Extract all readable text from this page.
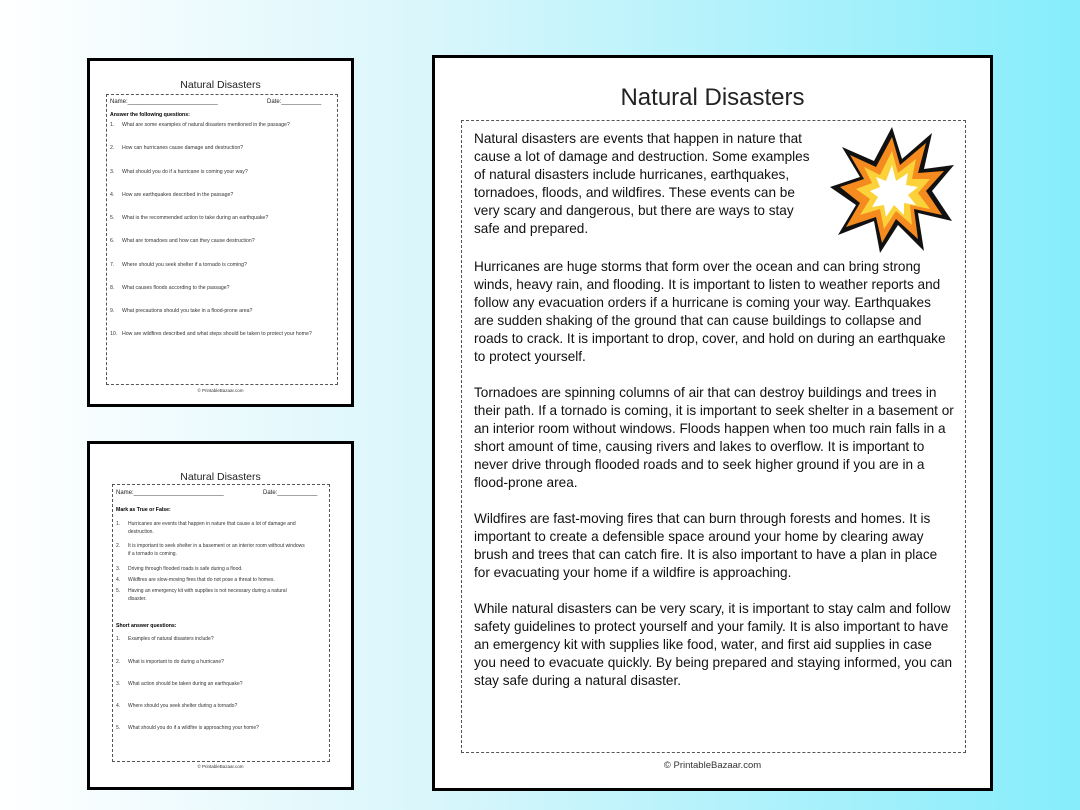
Natural Disasters
Name:___________________________	Date:____________
Answer the following questions:
1.	What are some examples of natural disasters mentioned in the passage?
2.	How can hurricanes cause damage and destruction?
3.	What should you do if a hurricane is coming your way?
4.	How are earthquakes described in the passage?
5.	What is the recommended action to take during an earthquake?
6.	What are tornadoes and how can they cause destruction?
7.	Where should you seek shelter if a tornado is coming?
8.	What causes floods according to the passage?
9.	What precautions should you take in a flood-prone area?
10. How are wildfires described and what steps should be taken to protect your home?
© PrintableBazaar.com
Natural Disasters
Name:___________________________	Date:____________
Mark as True or False:
1.	Hurricanes are events that happen in nature that cause a lot of damage and destruction.
2.	It is important to seek shelter in a basement or an interior room without windows if a tornado is coming.
3.	Driving through flooded roads is safe during a flood.
4.	Wildfires are slow-moving fires that do not pose a threat to homes.
5.	Having an emergency kit with supplies is not necessary during a natural disaster.
Short answer questions:
1.	Examples of natural disasters include?
2.	What is important to do during a hurricane?
3.	What action should be taken during an earthquake?
4.	Where should you seek shelter during a tornado?
5.	What should you do if a wildfire is approaching your home?
© PrintableBazaar.com
Natural Disasters

Natural disasters are events that happen in nature that cause a lot of damage and destruction. Some examples of natural disasters include hurricanes, earthquakes, tornadoes, floods, and wildfires. These events can be very scary and dangerous, but there are ways to stay safe and prepared.

Hurricanes are huge storms that form over the ocean and can bring strong winds, heavy rain, and flooding. It is important to listen to weather reports and follow any evacuation orders if a hurricane is coming your way. Earthquakes are sudden shaking of the ground that can cause buildings to collapse and roads to crack. It is important to drop, cover, and hold on during an earthquake to protect yourself.

Tornadoes are spinning columns of air that can destroy buildings and trees in their path. If a tornado is coming, it is important to seek shelter in a basement or an interior room without windows. Floods happen when too much rain falls in a short amount of time, causing rivers and lakes to overflow. It is important to never drive through flooded roads and to seek higher ground if you are in a flood-prone area.

Wildfires are fast-moving fires that can burn through forests and homes. It is important to create a defensible space around your home by clearing away brush and trees that can catch fire. It is also important to have a plan in place for evacuating your home if a wildfire is approaching.

While natural disasters can be very scary, it is important to stay calm and follow safety guidelines to protect yourself and your family. It is also important to have an emergency kit with supplies like food, water, and first aid supplies in case you need to evacuate quickly. By being prepared and staying informed, you can stay safe during a natural disaster.

© PrintableBazaar.com
